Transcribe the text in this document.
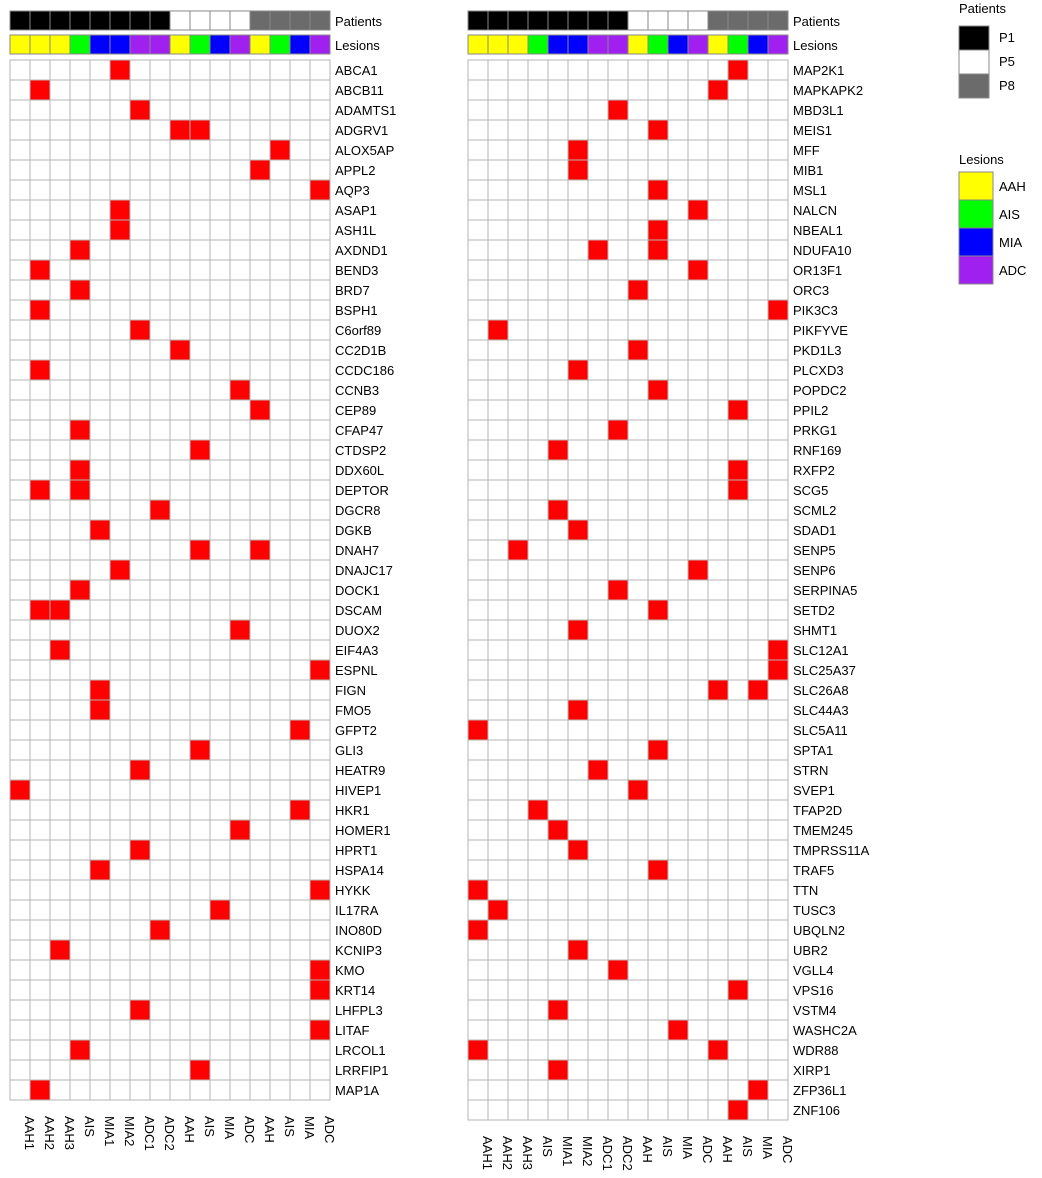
Patients
Lesions
ABCA1
ABCB11
ADAMTS1
ADGRV1
ALOX5AP
APPL2
AQP3
ASAP1
ASH1L
AXDND1
BEND3
BRD7
BSPH1
C6orf89
CC2D1B
CCDC186
CCNB3
CEP89
CFAP47
CTDSP2
DDX60L
DEPTOR
DGCR8
DGKB
DNAH7
DNAJC17
DOCK1
DSCAM
DUOX2
EIF4A3
ESPNL
FIGN
FMO5
GFPT2
GLI3
HEATR9
HIVEP1
HKR1
HOMER1
HPRT1
HSPA14
HYKK
IL17RA
INO80D
KCNIP3
KMO
KRT14
LHFPL3
LITAF
LRCOL1
LRRFIP1
MAP1A
AAH1 AAH2 AAH3 AIS MIA1 MIA2 ADC1 ADC2 AAH AIS MIA ADC AAH AIS MIA ADC
Patients
Lesions
MAP2K1
MAPKAPK2
MBD3L1
MEIS1
MFF
MIB1
MSL1
NALCN
NBEAL1
NDUFA10
OR13F1
ORC3
PIK3C3
PIKFYVE
PKD1L3
PLCXD3
POPDC2
PPIL2
PRKG1
RNF169
RXFP2
SCG5
SCML2
SDAD1
SENP5
SENP6
SERPINA5
SETD2
SHMT1
SLC12A1
SLC25A37
SLC26A8
SLC44A3
SLC5A11
SPTA1
STRN
SVEP1
TFAP2D
TMEM245
TMPRSS11A
TRAF5
TTN
TUSC3
UBQLN2
UBR2
VGLL4
VPS16
VSTM4
WASHC2A
WDR88
XIRP1
ZFP36L1
ZNF106
AAH1 AAH2 AAH3 AIS MIA1 MIA2 ADC1 ADC2 AAH AIS MIA ADC AAH AIS MIA ADC
Patients
P1
P5
P8
Lesions
AAH
AIS
MIA
ADC
